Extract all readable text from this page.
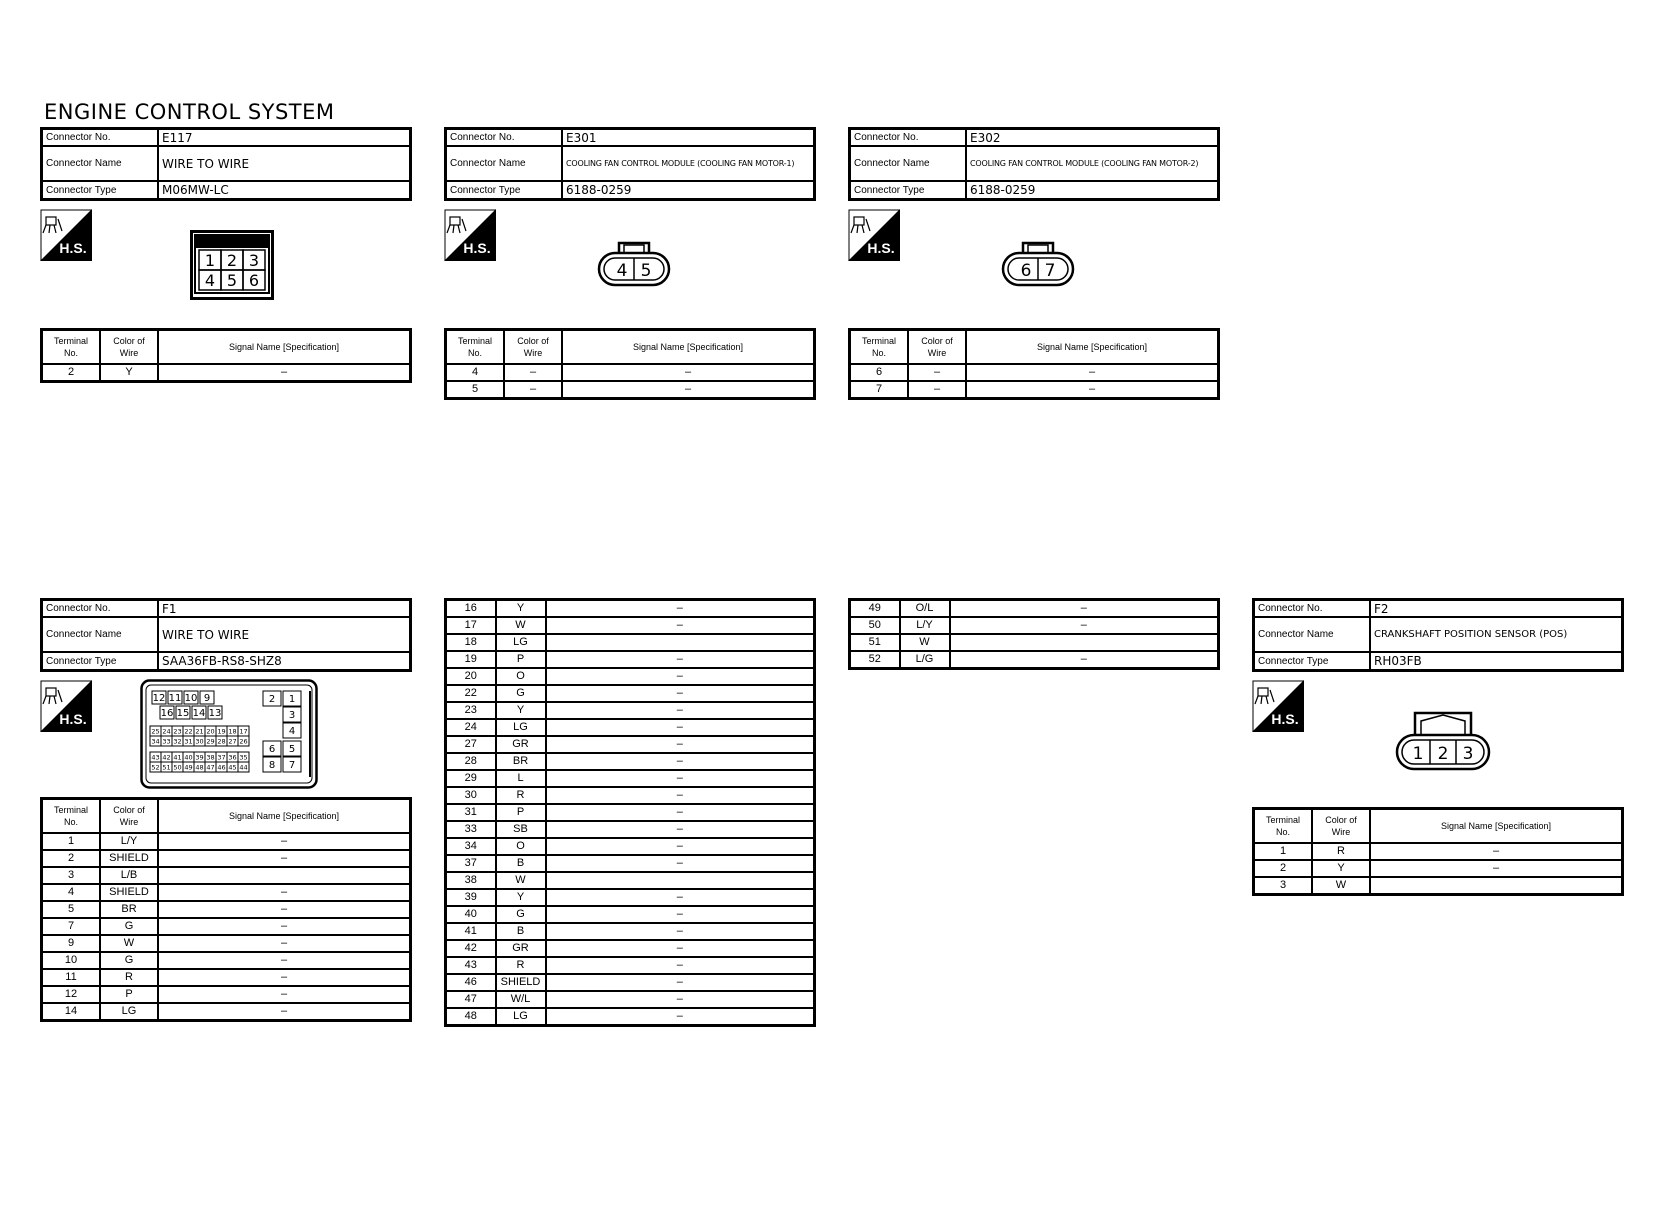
ENGINE CONTROL SYSTEM
Connector No.	E117
Connector Name	WIRE TO WIRE
Connector Type	M06MW-LC
H.S.
1 2 3
4 5 6
Terminal No.	Color of Wire	Signal Name [Specification]
2	Y	–
Connector No.	E301
Connector Name	COOLING FAN CONTROL MODULE (COOLING FAN MOTOR-1)
Connector Type	6188-0259
H.S.
4 5
Terminal No.	Color of Wire	Signal Name [Specification]
4	–	–
5	–	–
Connector No.	E302
Connector Name	COOLING FAN CONTROL MODULE (COOLING FAN MOTOR-2)
Connector Type	6188-0259
H.S.
6 7
Terminal No.	Color of Wire	Signal Name [Specification]
6	–	–
7	–	–
Connector No.	F1
Connector Name	WIRE TO WIRE
Connector Type	SAA36FB-RS8-SHZ8
H.S.
12 11 10 9
16 15 14 13
25 24 23 22 21 20 19 18 17
34 33 32 31 30 29 28 27 26
43 42 41 40 39 38 37 36 35
52 51 50 49 48 47 46 45 44
2 1
3
4
6 5
8 7
Terminal No.	Color of Wire	Signal Name [Specification]
1	L/Y	–
2	SHIELD	–
3	L/B	
4	SHIELD	–
5	BR	–
7	G	–
9	W	–
10	G	–
11	R	–
12	P	–
14	LG	–
16	Y	–
17	W	–
18	LG	
19	P	–
20	O	–
22	G	–
23	Y	–
24	LG	–
27	GR	–
28	BR	–
29	L	–
30	R	–
31	P	–
33	SB	–
34	O	–
37	B	–
38	W	
39	Y	–
40	G	–
41	B	–
42	GR	–
43	R	–
46	SHIELD	–
47	W/L	–
48	LG	–
49	O/L	–
50	L/Y	–
51	W	
52	L/G	–
Connector No.	F2
Connector Name	CRANKSHAFT POSITION SENSOR (POS)
Connector Type	RH03FB
H.S.
1 2 3
Terminal No.	Color of Wire	Signal Name [Specification]
1	R	–
2	Y	–
3	W	
